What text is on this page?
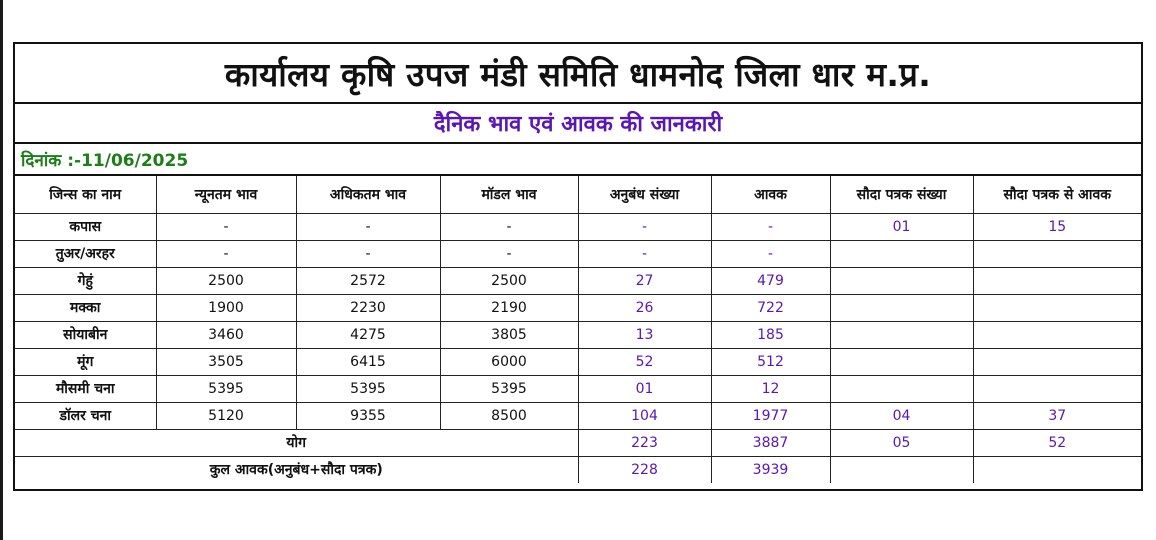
कार्यालय कृषि उपज मंडी समिति धामनोद जिला धार म.प्र.
दैनिक भाव एवं आवक की जानकारी
दिनांक :-11/06/2025
जिन्स का नाम	न्यूनतम भाव	अधिकतम भाव	मॉडल भाव	अनुबंध संख्या	आवक	सौदा पत्रक संख्या	सौदा पत्रक से आवक
कपास	-	-	-	-	-	01	15
तुअर/अरहर	-	-	-	-	-		
गेहुं	2500	2572	2500	27	479		
मक्का	1900	2230	2190	26	722		
सोयाबीन	3460	4275	3805	13	185		
मूंग	3505	6415	6000	52	512		
मौसमी चना	5395	5395	5395	01	12		
डॉलर चना	5120	9355	8500	104	1977	04	37
योग				223	3887	05	52
कुल आवक(अनुबंध+सौदा पत्रक)				228	3939		
